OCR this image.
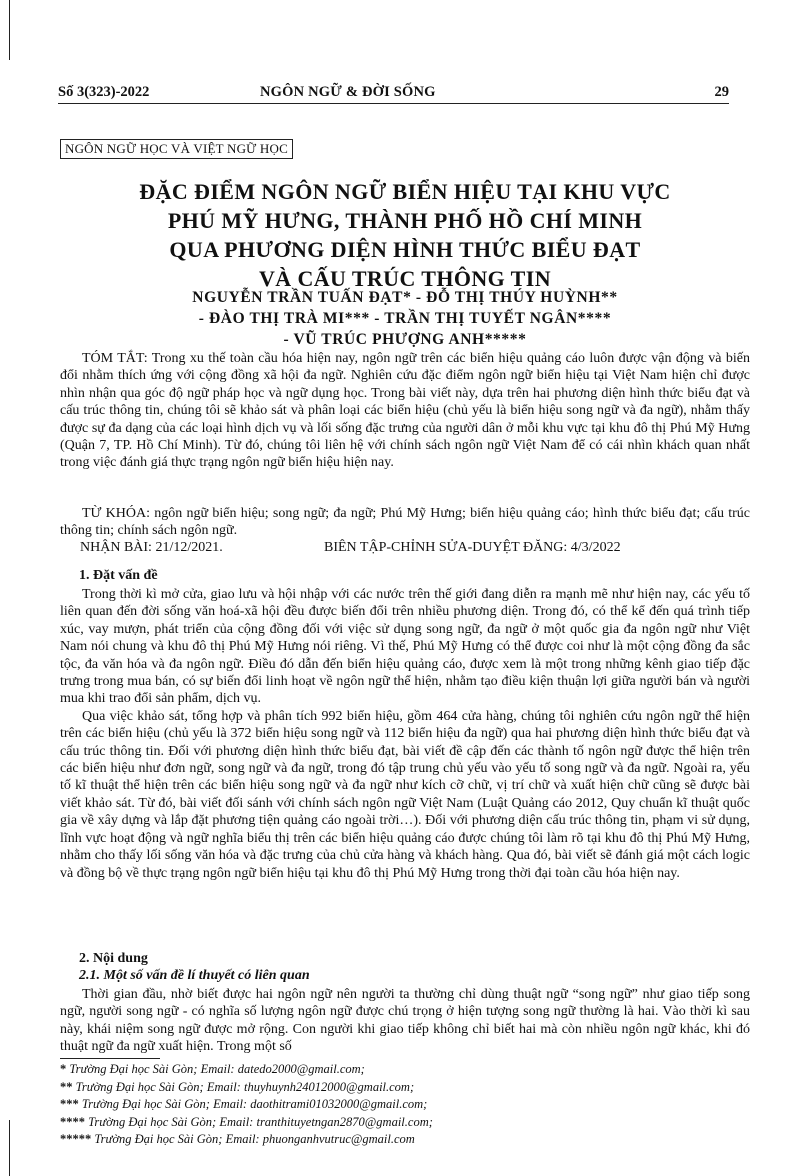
Số 3(323)-2022	NGÔN NGỮ & ĐỜI SỐNG	29
NGÔN NGỮ HỌC VÀ VIỆT NGỮ HỌC
ĐẶC ĐIỂM NGÔN NGỮ BIỂN HIỆU TẠI KHU VỰC
PHÚ MỸ HƯNG, THÀNH PHỐ HỒ CHÍ MINH
QUA PHƯƠNG DIỆN HÌNH THỨC BIỂU ĐẠT
VÀ CẤU TRÚC THÔNG TIN
NGUYỄN TRẦN TUẤN ĐẠT* - ĐỖ THỊ THÚY HUỲNH**
- ĐÀO THỊ TRÀ MI*** - TRẦN THỊ TUYẾT NGÂN****
- VŨ TRÚC PHƯỢNG ANH*****

TÓM TẮT: Trong xu thế toàn cầu hóa hiện nay, ngôn ngữ trên các biển hiệu quảng cáo luôn được vận động và biến đổi nhằm thích ứng với cộng đồng xã hội đa ngữ. Nghiên cứu đặc điểm ngôn ngữ biển hiệu tại Việt Nam hiện chỉ được nhìn nhận qua góc độ ngữ pháp học và ngữ dụng học. Trong bài viết này, dựa trên hai phương diện hình thức biểu đạt và cấu trúc thông tin, chúng tôi sẽ khảo sát và phân loại các biển hiệu (chủ yếu là biển hiệu song ngữ và đa ngữ), nhằm thấy được sự đa dạng của các loại hình dịch vụ và lối sống đặc trưng của người dân ở mỗi khu vực tại khu đô thị Phú Mỹ Hưng (Quận 7, TP. Hồ Chí Minh). Từ đó, chúng tôi liên hệ với chính sách ngôn ngữ Việt Nam để có cái nhìn khách quan nhất trong việc đánh giá thực trạng ngôn ngữ biển hiệu hiện nay.

TỪ KHÓA: ngôn ngữ biển hiệu; song ngữ; đa ngữ; Phú Mỹ Hưng; biển hiệu quảng cáo; hình thức biểu đạt; cấu trúc thông tin; chính sách ngôn ngữ.

NHẬN BÀI: 21/12/2021.	BIÊN TẬP-CHỈNH SỬA-DUYỆT ĐĂNG: 4/3/2022
1. Đặt vấn đề

Trong thời kì mở cửa, giao lưu và hội nhập với các nước trên thế giới đang diễn ra mạnh mẽ như hiện nay, các yếu tố liên quan đến đời sống văn hoá-xã hội đều được biến đổi trên nhiều phương diện. Trong đó, có thể kể đến quá trình tiếp xúc, vay mượn, phát triển của cộng đồng đối với việc sử dụng song ngữ, đa ngữ ở một quốc gia đa ngôn ngữ như Việt Nam nói chung và khu đô thị Phú Mỹ Hưng nói riêng. Vì thế, Phú Mỹ Hưng có thể được coi như là một cộng đồng đa sắc tộc, đa văn hóa và đa ngôn ngữ. Điều đó dẫn đến biển hiệu quảng cáo, được xem là một trong những kênh giao tiếp đặc trưng trong mua bán, có sự biến đổi linh hoạt về ngôn ngữ thể hiện, nhằm tạo điều kiện thuận lợi giữa người bán và người mua khi trao đổi sản phẩm, dịch vụ.

Qua việc khảo sát, tổng hợp và phân tích 992 biển hiệu, gồm 464 cửa hàng, chúng tôi nghiên cứu ngôn ngữ thể hiện trên các biển hiệu (chủ yếu là 372 biển hiệu song ngữ và 112 biển hiệu đa ngữ) qua hai phương diện hình thức biểu đạt và cấu trúc thông tin. Đối với phương diện hình thức biểu đạt, bài viết đề cập đến các thành tố ngôn ngữ được thể hiện trên các biển hiệu như đơn ngữ, song ngữ và đa ngữ, trong đó tập trung chủ yếu vào yếu tố song ngữ và đa ngữ. Ngoài ra, yếu tố kĩ thuật thể hiện trên các biển hiệu song ngữ và đa ngữ như kích cỡ chữ, vị trí chữ và xuất hiện chữ cũng sẽ được bài viết khảo sát. Từ đó, bài viết đối sánh với chính sách ngôn ngữ Việt Nam (Luật Quảng cáo 2012, Quy chuẩn kĩ thuật quốc gia về xây dựng và lắp đặt phương tiện quảng cáo ngoài trời…). Đối với phương diện cấu trúc thông tin, phạm vi sử dụng, lĩnh vực hoạt động và ngữ nghĩa biểu thị trên các biển hiệu quảng cáo được chúng tôi làm rõ tại khu đô thị Phú Mỹ Hưng, nhằm cho thấy lối sống văn hóa và đặc trưng của chủ cửa hàng và khách hàng. Qua đó, bài viết sẽ đánh giá một cách logic và đồng bộ về thực trạng ngôn ngữ biển hiệu tại khu đô thị Phú Mỹ Hưng trong thời đại toàn cầu hóa hiện nay.

2. Nội dung
2.1. Một số vấn đề lí thuyết có liên quan

Thời gian đầu, nhờ biết được hai ngôn ngữ nên người ta thường chỉ dùng thuật ngữ “song ngữ” như giao tiếp song ngữ, người song ngữ - có nghĩa số lượng ngôn ngữ được chú trọng ở hiện tượng song ngữ thường là hai. Vào thời kì sau này, khái niệm song ngữ được mở rộng. Con người khi giao tiếp không chỉ biết hai mà còn nhiều ngôn ngữ khác, khi đó thuật ngữ đa ngữ xuất hiện. Trong một số

* Trường Đại học Sài Gòn; Email: datedo2000@gmail.com;
** Trường Đại học Sài Gòn; Email: thuyhuynh24012000@gmail.com;
*** Trường Đại học Sài Gòn; Email: daothitrami01032000@gmail.com;
**** Trường Đại học Sài Gòn; Email: tranthituyetngan2870@gmail.com;
***** Trường Đại học Sài Gòn; Email: phuonganhvutruc@gmail.com
